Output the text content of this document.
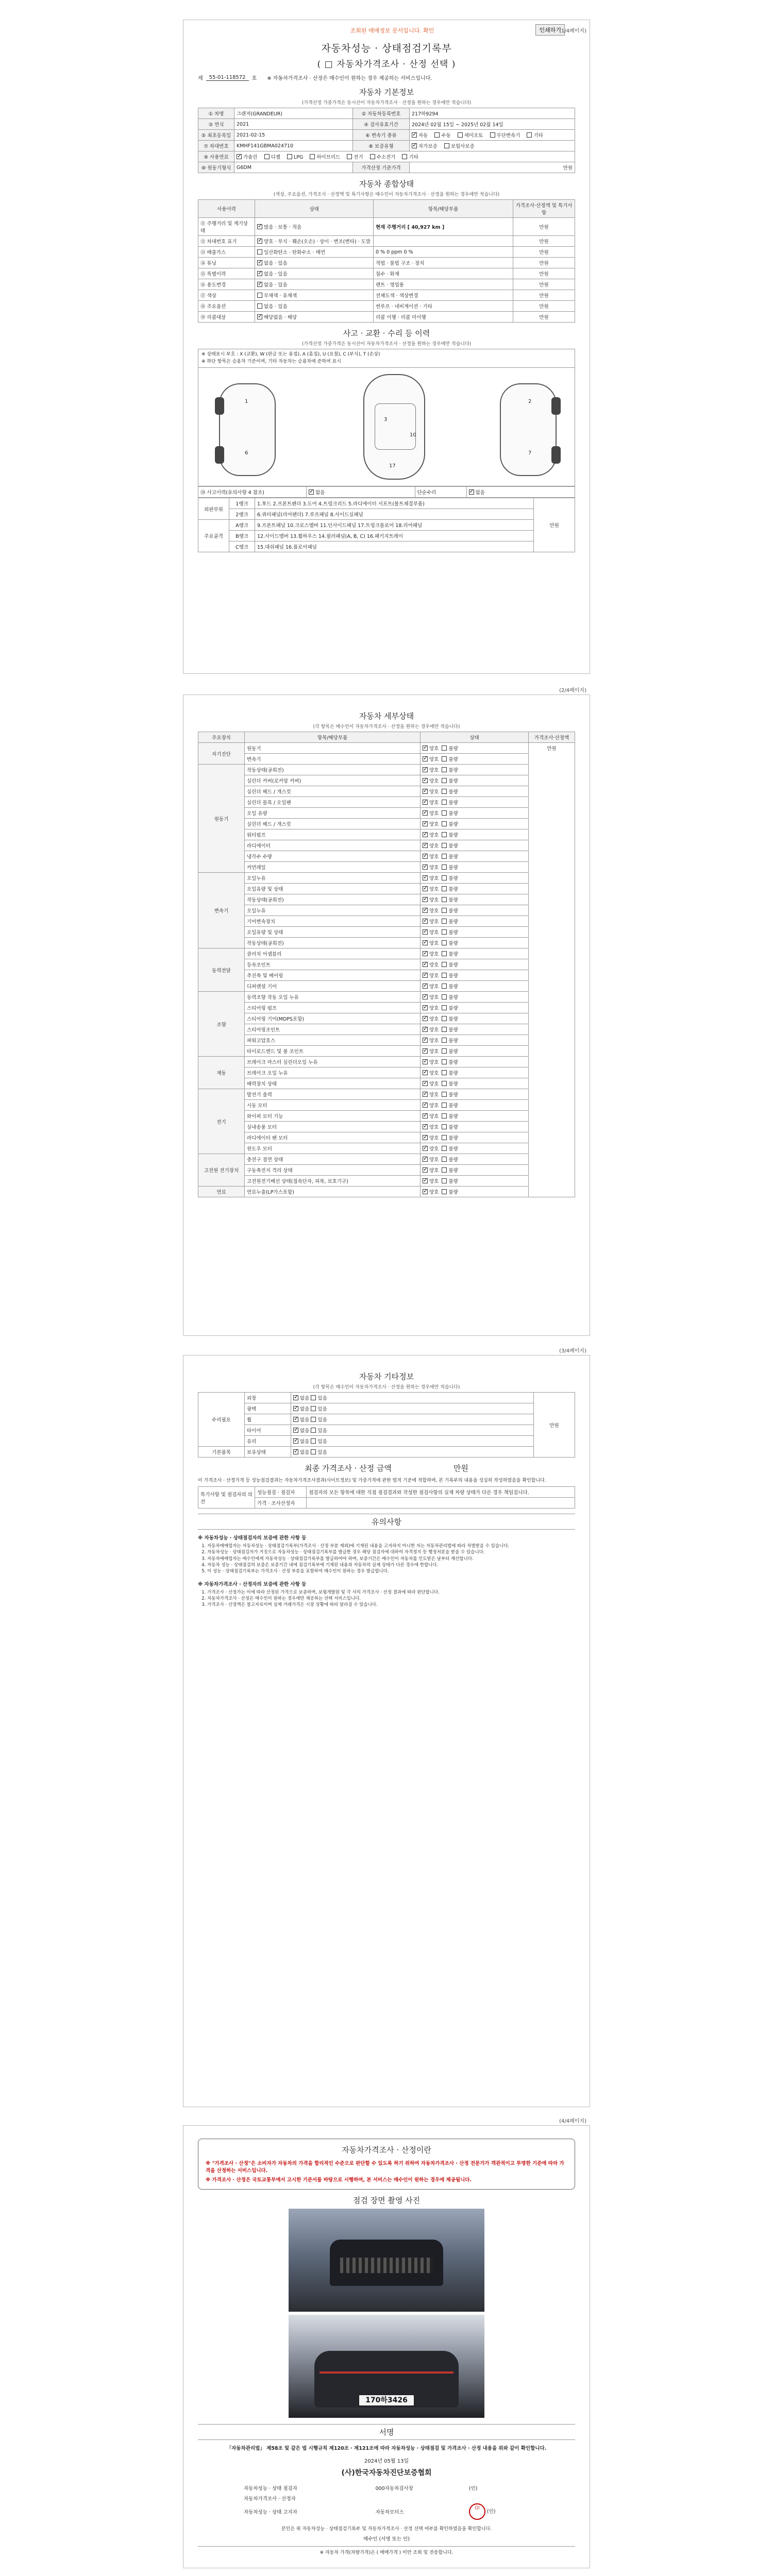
조회된 매매정보 문서입니다. 확인	인쇄하기
(1/4페이지)
자동차성능 · 상태점검기록부
( □ 자동차가격조사 · 산정 선택 )
제	55-01-118572	호 ※ 자동차가격조사 · 산정은 매수인이 원하는 경우 제공하는 서비스입니다.
자동차 기본정보
(가격산정 가중가격은 동시산이 자동차가격조사 · 산정을 원하는 경우에만 적습니다)
① 차명	그랜저(GRANDEUR)	② 자동차등록번호	217하9294
③ 연식	2021	④ 검사유효기간	2024년 02월 15일 ~ 2025년 02월 14일
⑤ 최초등록일	2021-02-15	⑥ 변속기 종류	✓자동 수동 세미오토 무단변속기 기타
⑦ 차대번호	KMHF141GBMA024710	⑧ 보증유형	✓자가보증 보험사보증
⑨ 사용연료	✓가솔린 디젤 LPG 하이브리드 전기 수소전기 기타
⑩ 원동기형식	G6DM	가격산정 기준가격	만원
자동차 종합상태
(색상, 주요옵션, 가격조사 · 산정액 및 특기사항은 매수인이 자동차가격조사 · 산정을 원하는 경우에만 적습니다)
사용이력	상태	항목/해당부품	가격조사·산정액 및 특기사항
⑪ 주행거리 및 계기상태	✓많음 · 보통 · 적음	현재 주행거리 [ 40,927 km ]	만원
⑫ 차대번호 표기	✓양호 · 부식 · 훼손(오손) · 상이 · 변조(변타) · 도말		만원
⑬ 배출가스	일산화탄소 · 탄화수소 · 매연	0 % 0 ppm 0 %	만원
⑭ 튜닝	✓없음 · 있음	적법 · 불법 구조 · 장치	만원
⑮ 특별이력	✓없음 · 있음	침수 · 화재	만원
⑯ 용도변경	✓없음 · 있음	렌트 · 영업용	만원
⑰ 색상	무채색 · 유채색	전체도색 · 색상변경	만원
⑱ 주요옵션	없음 · 있음	썬루프 · 네비게이션 · 기타	만원
⑲ 리콜대상	✓해당없음 · 해당	리콜 이행 · 리콜 미이행	만원
사고 · 교환 · 수리 등 이력
(가격산정 가중가격은 동시산이 자동차가격조사 · 산정을 원하는 경우에만 적습니다)
※ 상태표시 부호 : X (교환), W (판금 또는 용접), A (흠집), U (요철), C (부식), T (손상)
※ 하단 항목은 승용차 기준이며, 기타 자동차는 승용차에 준하여 표시
3
10
17
1
6
2
7
⑳ 사고이력(유의사항 4 참조)	✓없음	단순수리	✓없음
외판부위	1랭크	1.후드 2.프론트펜더 3.도어 4.트렁크리드 5.라디에이터 서포트(볼트체결부품)	만원
	2랭크	6.쿼터패널(리어펜더) 7.루프패널 8.사이드실패널	
주요골격	A랭크	9.프론트패널 10.크로스멤버 11.인사이드패널 17.트렁크플로어 18.리어패널	
	B랭크	12.사이드멤버 13.휠하우스 14.필러패널(A, B, C) 16.패키지트레이	
	C랭크	15.대쉬패널 16.플로어패널	
(2/4페이지)
자동차 세부상태
(각 항목은 매수인이 자동차가격조사 · 산정을 원하는 경우에만 적습니다)
주요장치	항목/해당부품	상태	가격조사·산정액
자기진단	원동기	✓양호 불량	만원
	변속기	✓양호 불량
원동기	작동상태(공회전)	✓양호 불량
	실린더 커버(로커암 커버)	✓양호 불량
	실린더 헤드 / 개스킷	✓양호 불량
	실린더 블록 / 오일팬	✓양호 불량
	오일 유량	✓양호 불량
	실린더 헤드 / 개스킷	✓양호 불량
	워터펌프	✓양호 불량
	라디에이터	✓양호 불량
	냉각수 수량	✓양호 불량
	커먼레일	✓양호 불량
변속기	오일누유	✓양호 불량
	오일유량 및 상태	✓양호 불량
	작동상태(공회전)	✓양호 불량
	오일누유	✓양호 불량
	기어변속장치	✓양호 불량
	오일유량 및 상태	✓양호 불량
	작동상태(공회전)	✓양호 불량
동력전달	클러치 어셈블리	✓양호 불량
	등속조인트	✓양호 불량
	추진축 및 베어링	✓양호 불량
	디퍼렌셜 기어	✓양호 불량
조향	동력조향 작동 오일 누유	✓양호 불량
	스티어링 펌프	✓양호 불량
	스티어링 기어(MDPS포함)	✓양호 불량
	스티어링조인트	✓양호 불량
	파워고압호스	✓양호 불량
	타이로드엔드 및 볼 조인트	✓양호 불량
제동	브레이크 마스터 실린더오일 누유	✓양호 불량
	브레이크 오일 누유	✓양호 불량
	배력장치 상태	✓양호 불량
전기	발전기 출력	✓양호 불량
	시동 모터	✓양호 불량
	와이퍼 모터 기능	✓양호 불량
	실내송풍 모터	✓양호 불량
	라디에이터 팬 모터	✓양호 불량
	윈도우 모터	✓양호 불량
고전원 전기장치	충전구 절연 상태	✓양호 불량
	구동축전지 격리 상태	✓양호 불량
	고전원전기배선 상태(접속단자, 피복, 보호기구)	✓양호 불량
연료	연료누출(LP가스포함)	✓양호 불량
(3/4페이지)
자동차 기타정보
(각 항목은 매수인이 자동차가격조사 · 산정을 원하는 경우에만 적습니다)
수리필요	외장	✓없음 있음	만원
	광택	✓없음 있음
	휠	✓없음 있음
	타이어	✓없음 있음
	유리	✓없음 있음
기본품목	보유상태	✓없음 있음
최종 가격조사 · 산정 금액	만원
이 가격조사 · 산정가격 등 성능점검결과는 자동차가격조사결과(사이트정보) 및 가중가격에 관한 법적 기준에 적합하며, 본 기록부의 내용을 성실히 작성하였음을 확인합니다.
특기사항 및 점검자의 의견	성능점검 · 점검자	점검자의 모든 항목에 대한 직접 점검결과와 작성한 점검사항의 실제 차량 상태가 다른 경우 책임집니다.
	가격 · 조사산정자	
유의사항
※ 자동차성능 · 상태점검자의 보증에 관한 사항 등
1. 자동차매매업자는 자동차성능 · 상태점검기록부(가격조사 · 산정 부분 제외)에 기재된 내용을 고지하지 아니한 자는 자동차관리법에 따라 처벌받을 수 있습니다.
2. 자동차성능 · 상태점검자가 거짓으로 자동차성능 · 상태점검기록부를 발급한 경우 해당 점검자에 대하여 자격정지 등 행정처분을 받을 수 있습니다.
3. 자동차매매업자는 매수인에게 자동차성능 · 상태점검기록부를 발급하여야 하며, 보증기간은 매수인이 자동차를 인도받은 날부터 계산합니다.
4. 자동차 성능 · 상태점검의 보증은 보증기간 내에 점검기록부에 기재된 내용과 자동차의 실제 상태가 다른 경우에 한합니다.
5. 이 성능 · 상태점검기록부는 가격조사 · 산정 부분을 포함하여 매수인이 원하는 경우 발급합니다.
※ 자동차가격조사 · 산정자의 보증에 관한 사항 등
1. 가격조사 · 산정가는 이에 따라 산정된 가격으로 보증하며, 보험개발원 및 각 사의 가격조사 · 산정 결과에 따라 판단합니다.
2. 자동차가격조사 · 산정은 매수인이 원하는 경우에만 제공하는 선택 서비스입니다.
3. 가격조사 · 산정액은 참고자료이며 실제 거래가격은 시장 상황에 따라 달라질 수 있습니다.
(4/4페이지)
자동차가격조사 · 산정이란
※ "가격조사 · 산정"은 소비자가 자동차의 가격을 합리적인 수준으로 판단할 수 있도록 하기 위하여 자동차가격조사 · 산정 전문가가 객관적이고 투명한 기준에 따라 가격을 산정하는 서비스입니다.
※ 가격조사 · 산정은 국토교통부에서 고시한 기준서를 바탕으로 시행하며, 본 서비스는 매수인이 원하는 경우에 제공됩니다.
점검 장면 촬영 사진
170하3426
서명
「자동차관리법」 제58조 및 같은 법 시행규칙 제120조 · 제121조에 따라 자동차성능 · 상태점검 및 가격조사 · 산정 내용을 위와 같이 확인합니다.
2024년 05월 13일
(사)한국자동차진단보증협회
자동차성능 · 상태 점검자	000자동차검사장	(인)
자동차가격조사 · 산정자		
자동차성능 · 상태 고지자	자동차모터스	印 (인)
본인은 위 자동차성능 · 상태점검기록부 및 자동차가격조사 · 산정 선택 여부를 확인하였음을 확인합니다.
매수인 (서명 또는 인)
※ 자동차 가격(차량가격)은 ( 매매가격 ) 미만 조회 및 전송합니다.
